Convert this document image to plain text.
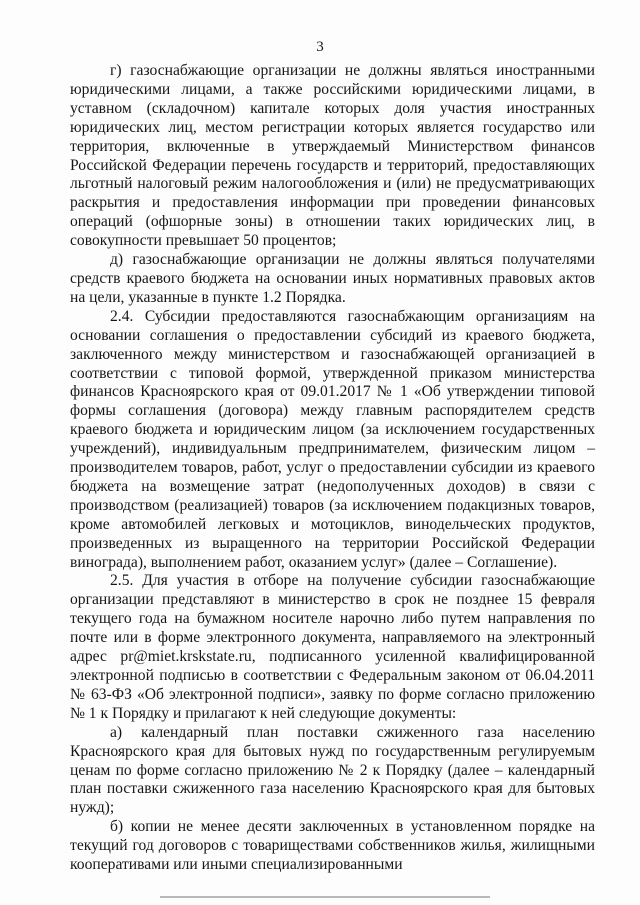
3

г) газоснабжающие организации не должны являться иностранными юридическими лицами, а также российскими юридическими лицами, в уставном (складочном) капитале которых доля участия иностранных юридических лиц, местом регистрации которых является государство или территория, включенные в утверждаемый Министерством финансов Российской Федерации перечень государств и территорий, предоставляющих льготный налоговый режим налогообложения и (или) не предусматривающих раскрытия и предоставления информации при проведении финансовых операций (офшорные зоны) в отношении таких юридических лиц, в совокупности превышает 50 процентов;

д) газоснабжающие организации не должны являться получателями средств краевого бюджета на основании иных нормативных правовых актов на цели, указанные в пункте 1.2 Порядка.

2.4. Субсидии предоставляются газоснабжающим организациям на основании соглашения о предоставлении субсидий из краевого бюджета, заключенного между министерством и газоснабжающей организацией в соответствии с типовой формой, утвержденной приказом министерства финансов Красноярского края от 09.01.2017 № 1 «Об утверждении типовой формы соглашения (договора) между главным распорядителем средств краевого бюджета и юридическим лицом (за исключением государственных учреждений), индивидуальным предпринимателем, физическим лицом – производителем товаров, работ, услуг о предоставлении субсидии из краевого бюджета на возмещение затрат (недополученных доходов) в связи с производством (реализацией) товаров (за исключением подакцизных товаров, кроме автомобилей легковых и мотоциклов, винодельческих продуктов, произведенных из выращенного на территории Российской Федерации винограда), выполнением работ, оказанием услуг» (далее – Соглашение).

2.5. Для участия в отборе на получение субсидии газоснабжающие организации представляют в министерство в срок не позднее 15 февраля текущего года на бумажном носителе нарочно либо путем направления по почте или в форме электронного документа, направляемого на электронный адрес pr@miet.krskstate.ru, подписанного усиленной квалифицированной электронной подписью в соответствии с Федеральным законом от 06.04.2011 № 63-ФЗ «Об электронной подписи», заявку по форме согласно приложению № 1 к Порядку и прилагают к ней следующие документы:

а) календарный план поставки сжиженного газа населению Красноярского края для бытовых нужд по государственным регулируемым ценам по форме согласно приложению № 2 к Порядку (далее – календарный план поставки сжиженного газа населению Красноярского края для бытовых нужд);

б) копии не менее десяти заключенных в установленном порядке на текущий год договоров с товариществами собственников жилья, жилищными кооперативами или иными специализированными
